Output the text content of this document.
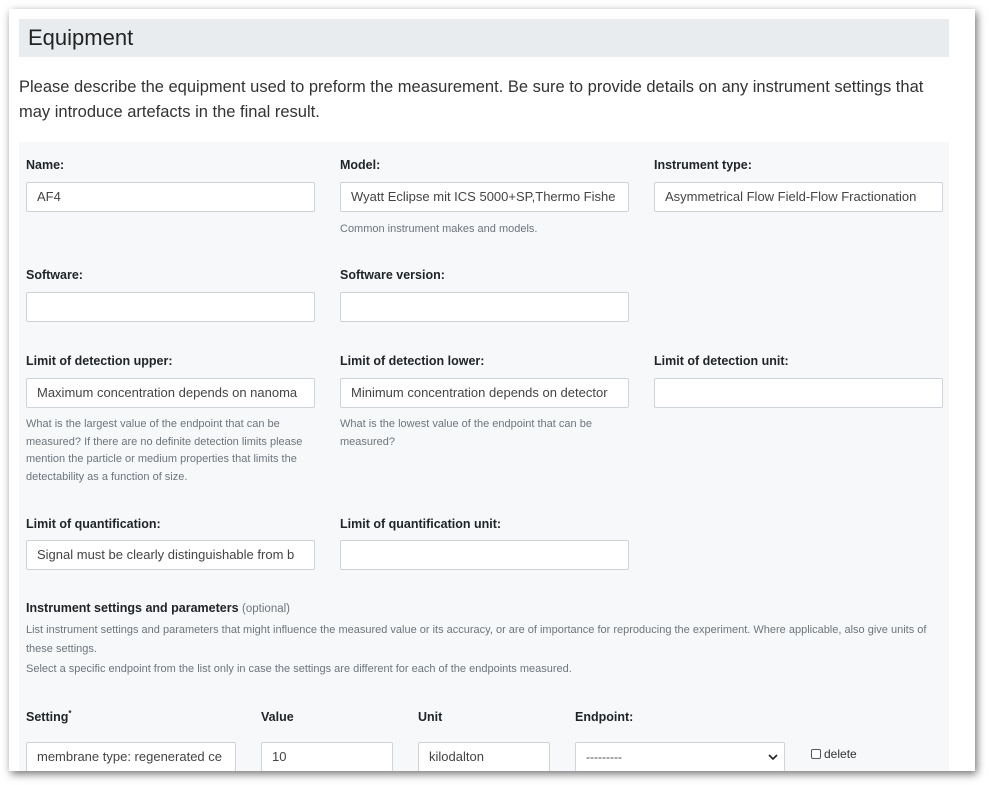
Equipment
Please describe the equipment used to preform the measurement. Be sure to provide details on any instrument settings that may introduce artefacts in the final result.
Name:
AF4
Model:
Wyatt Eclipse mit ICS 5000+SP,Thermo Fishe
Common instrument makes and models.
Instrument type:
Asymmetrical Flow Field-Flow Fractionation
Software:	Software version:
Limit of detection upper:
Maximum concentration depends on nanoma
What is the largest value of the endpoint that can be measured? If there are no definite detection limits please mention the particle or medium properties that limits the detectability as a function of size.
Limit of detection lower:
Minimum concentration depends on detector
What is the lowest value of the endpoint that can be measured?
Limit of detection unit:
Limit of quantification:
Signal must be clearly distinguishable from b
Limit of quantification unit:
Instrument settings and parameters (optional)
List instrument settings and parameters that might influence the measured value or its accuracy, or are of importance for reproducing the experiment. Where applicable, also give units of these settings.
Select a specific endpoint from the list only in case the settings are different for each of the endpoints measured.
Setting*	Value	Unit	Endpoint:
membrane type: regenerated ce	10	kilodalton	---------	delete
